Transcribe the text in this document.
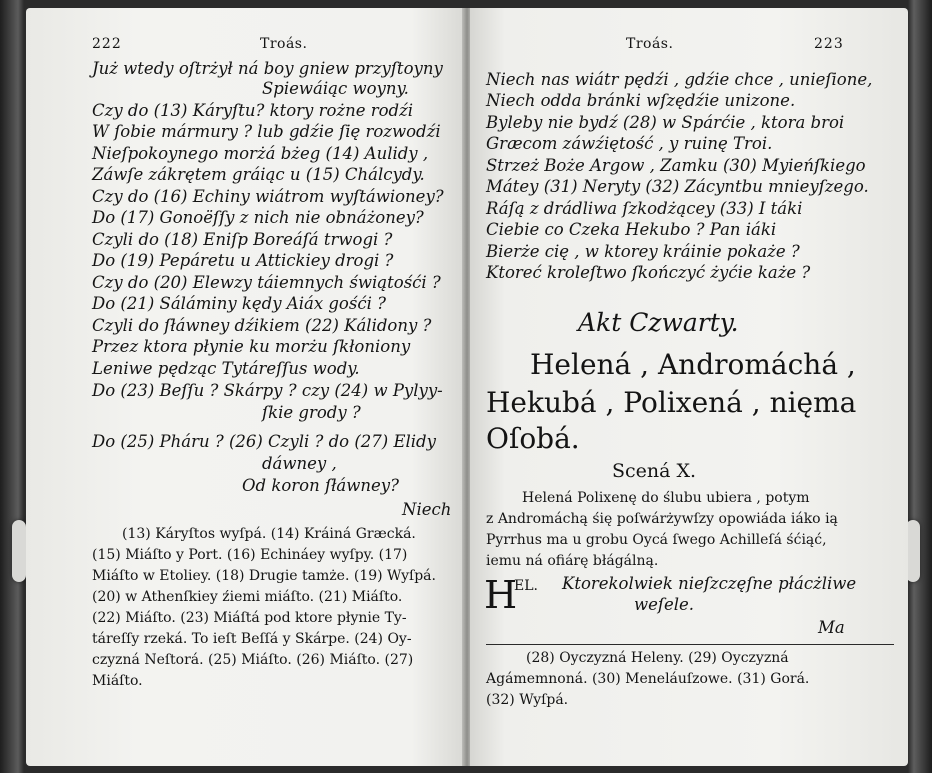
222	Troás.
Już wtedy oſtrżył ná boy gniew przyſtoyny
Spiewáiąc woyny.
Czy do (13) Káryſtu? ktory rożne rodźi
W ſobie mármury ? lub gdźie ſię rozwodźi
Nieſpokoynego morżá bżeg (14) Aulidy ,
Záwſe zákrętem gráiąc u (15) Chálcydy.
Czy do (16) Echiny wiátrom wyſtáwioney?
Do (17) Gonoëſſy z nich nie obnáżoney?
Czyli do (18) Eniſp Boreáſá trwogi ?
Do (19) Pepáretu u Attickiey drogi ?
Czy do (20) Elewzy táiemnych świątośći ?
Do (21) Sáláminy kędy Aiáx gośći ?
Czyli do ſłáwney dźikiem (22) Kálidony ?
Przez ktora płynie ku morżu ſkłoniony
Leniwe pędząc Tytáreſſus wody.
Do (23) Beſſu ? Skárpy ? czy (24) w Pylyy-
ſkie grody ?
Do (25) Pháru ? (26) Czyli ? do (27) Elidy
dáwney ,
Od koron ſłáwney?
Niech
(13) Káryſtos wyſpá. (14) Kráiná Græcká.
(15) Miáſto y Port. (16) Echináey wyſpy. (17)
Miáſto w Etoliey. (18) Drugie tamże. (19) Wyſpá.
(20) w Athenſkiey źiemi miáſto. (21) Miáſto.
(22) Miáſto. (23) Miáſtá pod ktore płynie Ty-
táreſſy rzeká. To ieſt Beſſá y Skárpe. (24) Oy-
czyzná Neſtorá. (25) Miáſto. (26) Miáſto. (27)
Miáſto.
Troás.	223
Niech nas wiátr pędźi , gdźie chce , unieſione,
Niech odda bránki wſzędźie unizone.
Byleby nie bydź (28) w Spárćie , ktora broi
Græcom záwźiętość , y ruinę Troi.
Strzeż Boże Argow , Zamku (30) Myieńſkiego
Mátey (31) Neryty (32) Zácyntbu mnieyſzego.
Ráſą z drádliwa ſzkodżącey (33) I táki
Ciebie co Czeka Hekubo ? Pan iáki
Bierże cię , w ktorey kráinie pokaże ?
Ktoreć kroleſtwo ſkończyć żyćie każe ?
Akt Czwarty.
Helená , Andromáchá ,
Hekubá , Polixená , nięma
Oſobá.
Scená X.
Helená Polixenę do ślubu ubiera , potym
z Andromáchą śię poſwárżywſzy opowiáda iáko ią
Pyrrhus ma u grobu Oycá ſwego Achilleſá śćiąć,
iemu ná ofiárę błágálną.
H
EL. Ktorekolwiek nieſzczęſne płácżliwe
weſele.
Ma
(28) Oyczyzná Heleny. (29) Oyczyzná
Agámemnoná. (30) Meneláuſzowe. (31) Gorá.
(32) Wyſpá.
